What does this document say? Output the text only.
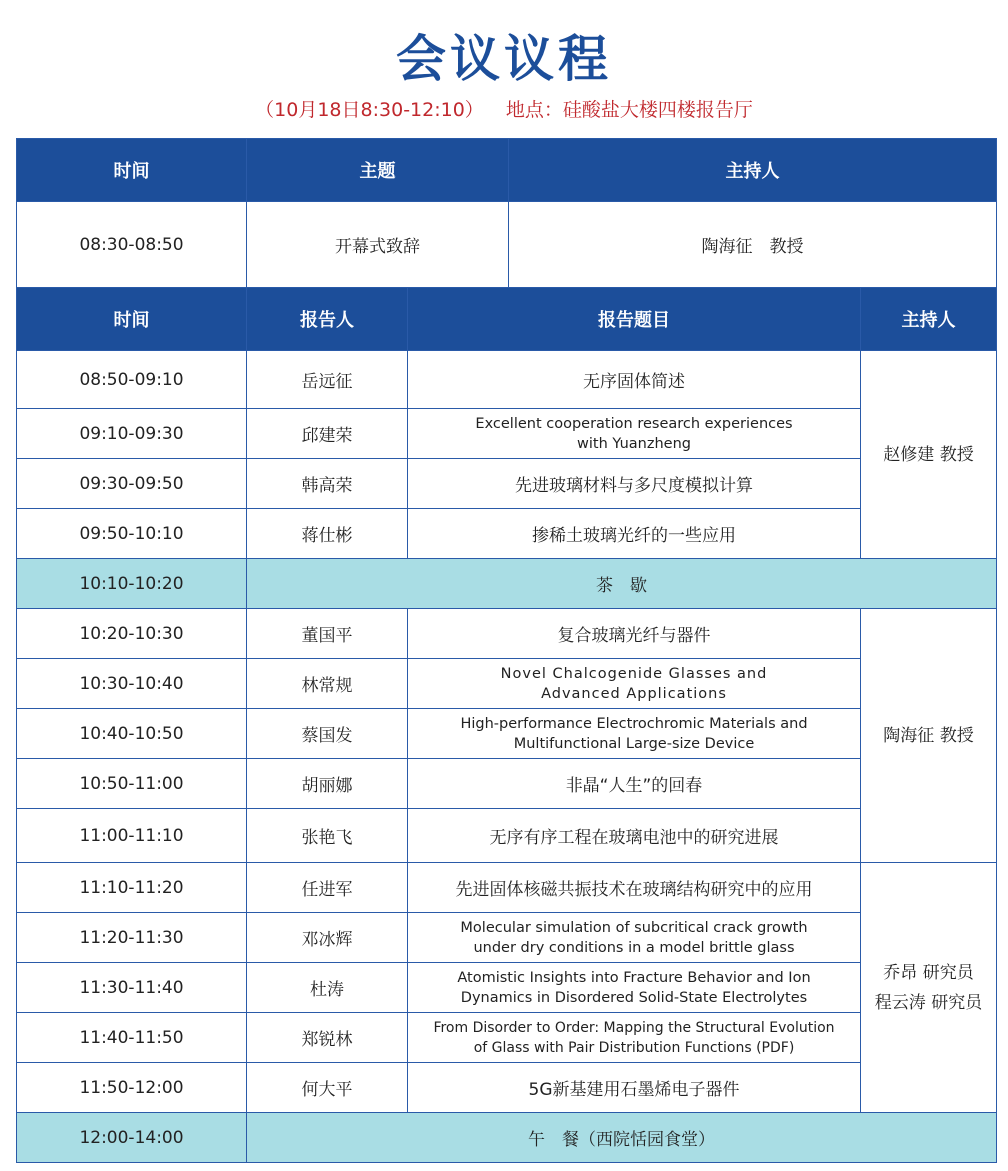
会议议程
（10月18日8:30-12:10） 地点：硅酸盐大楼四楼报告厅
时间	主题		主持人	
08:30-08:50	开幕式致辞		陶海征　教授	
时间	报告人	报告题目		主持人
08:50-09:10	岳远征	无序固体简述		赵修建 教授
09:10-09:30	邱建荣	Excellent cooperation research experiences
with Yuanzheng		
09:30-09:50	韩高荣	先进玻璃材料与多尺度模拟计算		
09:50-10:10	蒋仕彬	掺稀土玻璃光纤的一些应用		
10:10-10:20	茶　歇			
10:20-10:30	董国平	复合玻璃光纤与器件		陶海征 教授
10:30-10:40	林常规	Novel Chalcogenide Glasses and
Advanced Applications		
10:40-10:50	蔡国发	High-performance Electrochromic Materials and
Multifunctional Large-size Device		
10:50-11:00	胡丽娜	非晶“人生”的回春		
11:00-11:10	张艳飞	无序有序工程在玻璃电池中的研究进展		
11:10-11:20	任进军	先进固体核磁共振技术在玻璃结构研究中的应用		乔昂 研究员
程云涛 研究员
11:20-11:30	邓冰辉	Molecular simulation of subcritical crack growth
under dry conditions in a model brittle glass		
11:30-11:40	杜涛	Atomistic Insights into Fracture Behavior and Ion
Dynamics in Disordered Solid-State Electrolytes		
11:40-11:50	郑锐林	From Disorder to Order: Mapping the Structural Evolution
of Glass with Pair Distribution Functions (PDF)		
11:50-12:00	何大平	5G新基建用石墨烯电子器件		
12:00-14:00	午　餐（西院恬园食堂）			
